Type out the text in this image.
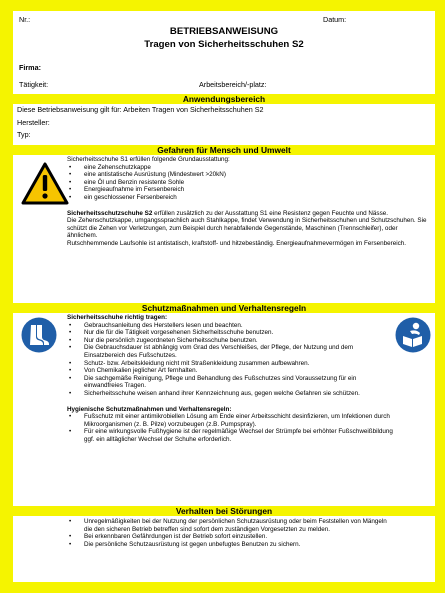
Nr.:	Datum:
BETRIEBSANWEISUNG
Tragen von Sicherheitsschuhen S2
Firma:
Tätigkeit:	Arbeitsbereich/-platz:
Anwendungsbereich
Diese Betriebsanweisung gilt für: Arbeiten Tragen von Sicherheitsschuhen S2
Hersteller:
Typ:
Gefahren für Mensch und Umwelt

Sicherheitsschuhe S1 erfüllen folgende Grundausstattung:

• eine Zehenschutzkappe
• eine antistatische Ausrüstung (Mindestwert >20kN)
• eine Öl und Benzin resistente Sohle
• Energieaufnahme im Fersenbereich
• ein geschlossener Fersenbereich

Sicherheitsschutzschuhe S2 erfüllen zusätzlich zu der Ausstattung S1 eine Resistenz gegen Feuchte und Nässe.

Die Zehenschutzkappe, umgangssprachlich auch Stahlkappe, findet Verwendung in Sicherheitsschuhen und Schutzschuhen. Sie schützt die Zehen vor Verletzungen, zum Beispiel durch herabfallende Gegenstände, Maschinen (Trennschleifer), oder ähnlichem.

Rutschhemmende Laufsohle ist antistatisch, kraftstoff- und hitzebeständig. Energieaufnahmevermögen im Fersenbereich.

Schutzmaßnahmen und Verhaltensregeln

Sicherheitsschuhe richtig tragen:

• Gebrauchsanleitung des Herstellers lesen und beachten.
• Nur die für die Tätigkeit vorgesehenen Sicherheitsschuhe benutzen.
• Nur die persönlich zugeordneten Sicherheitsschuhe benutzen.
• Die Gebrauchsdauer ist abhängig vom Grad des Verschleißes, der Pflege, der Nutzung und dem Einsatzbereich des Fußschutzes.
• Schutz- bzw. Arbeitskleidung nicht mit Straßenkleidung zusammen aufbewahren.
• Von Chemikalien jeglicher Art fernhalten.
• Die sachgemäße Reinigung, Pflege und Behandlung des Fußschutzes sind Voraussetzung für ein einwandfreies Tragen.
• Sicherheitsschuhe weisen anhand ihrer Kennzeichnung aus, gegen welche Gefahren sie schützen.

Hygienische Schutzmaßnahmen und Verhaltensregeln:

• Fußschutz mit einer antimikrobiellen Lösung am Ende einer Arbeitsschicht desinfizieren, um Infektionen durch Mikroorganismen (z. B. Pilze) vorzubeugen (z.B. Pumpspray).
• Für eine wirkungsvolle Fußhygiene ist der regelmäßige Wechsel der Strümpfe bei erhöhter Fußschweißbildung ggf. ein alltäglicher Wechsel der Schuhe erforderlich.
Verhalten bei Störungen
• Unregelmäßigkeiten bei der Nutzung der persönlichen Schutzausrüstung oder beim Feststellen von Mängeln die den sicheren Betrieb betreffen sind sofort dem zuständigen Vorgesetzten zu melden.
• Bei erkennbaren Gefährdungen ist der Betrieb sofort einzustellen.
• Die persönliche Schutzausrüstung ist gegen unbefugtes Benutzen zu sichern.
